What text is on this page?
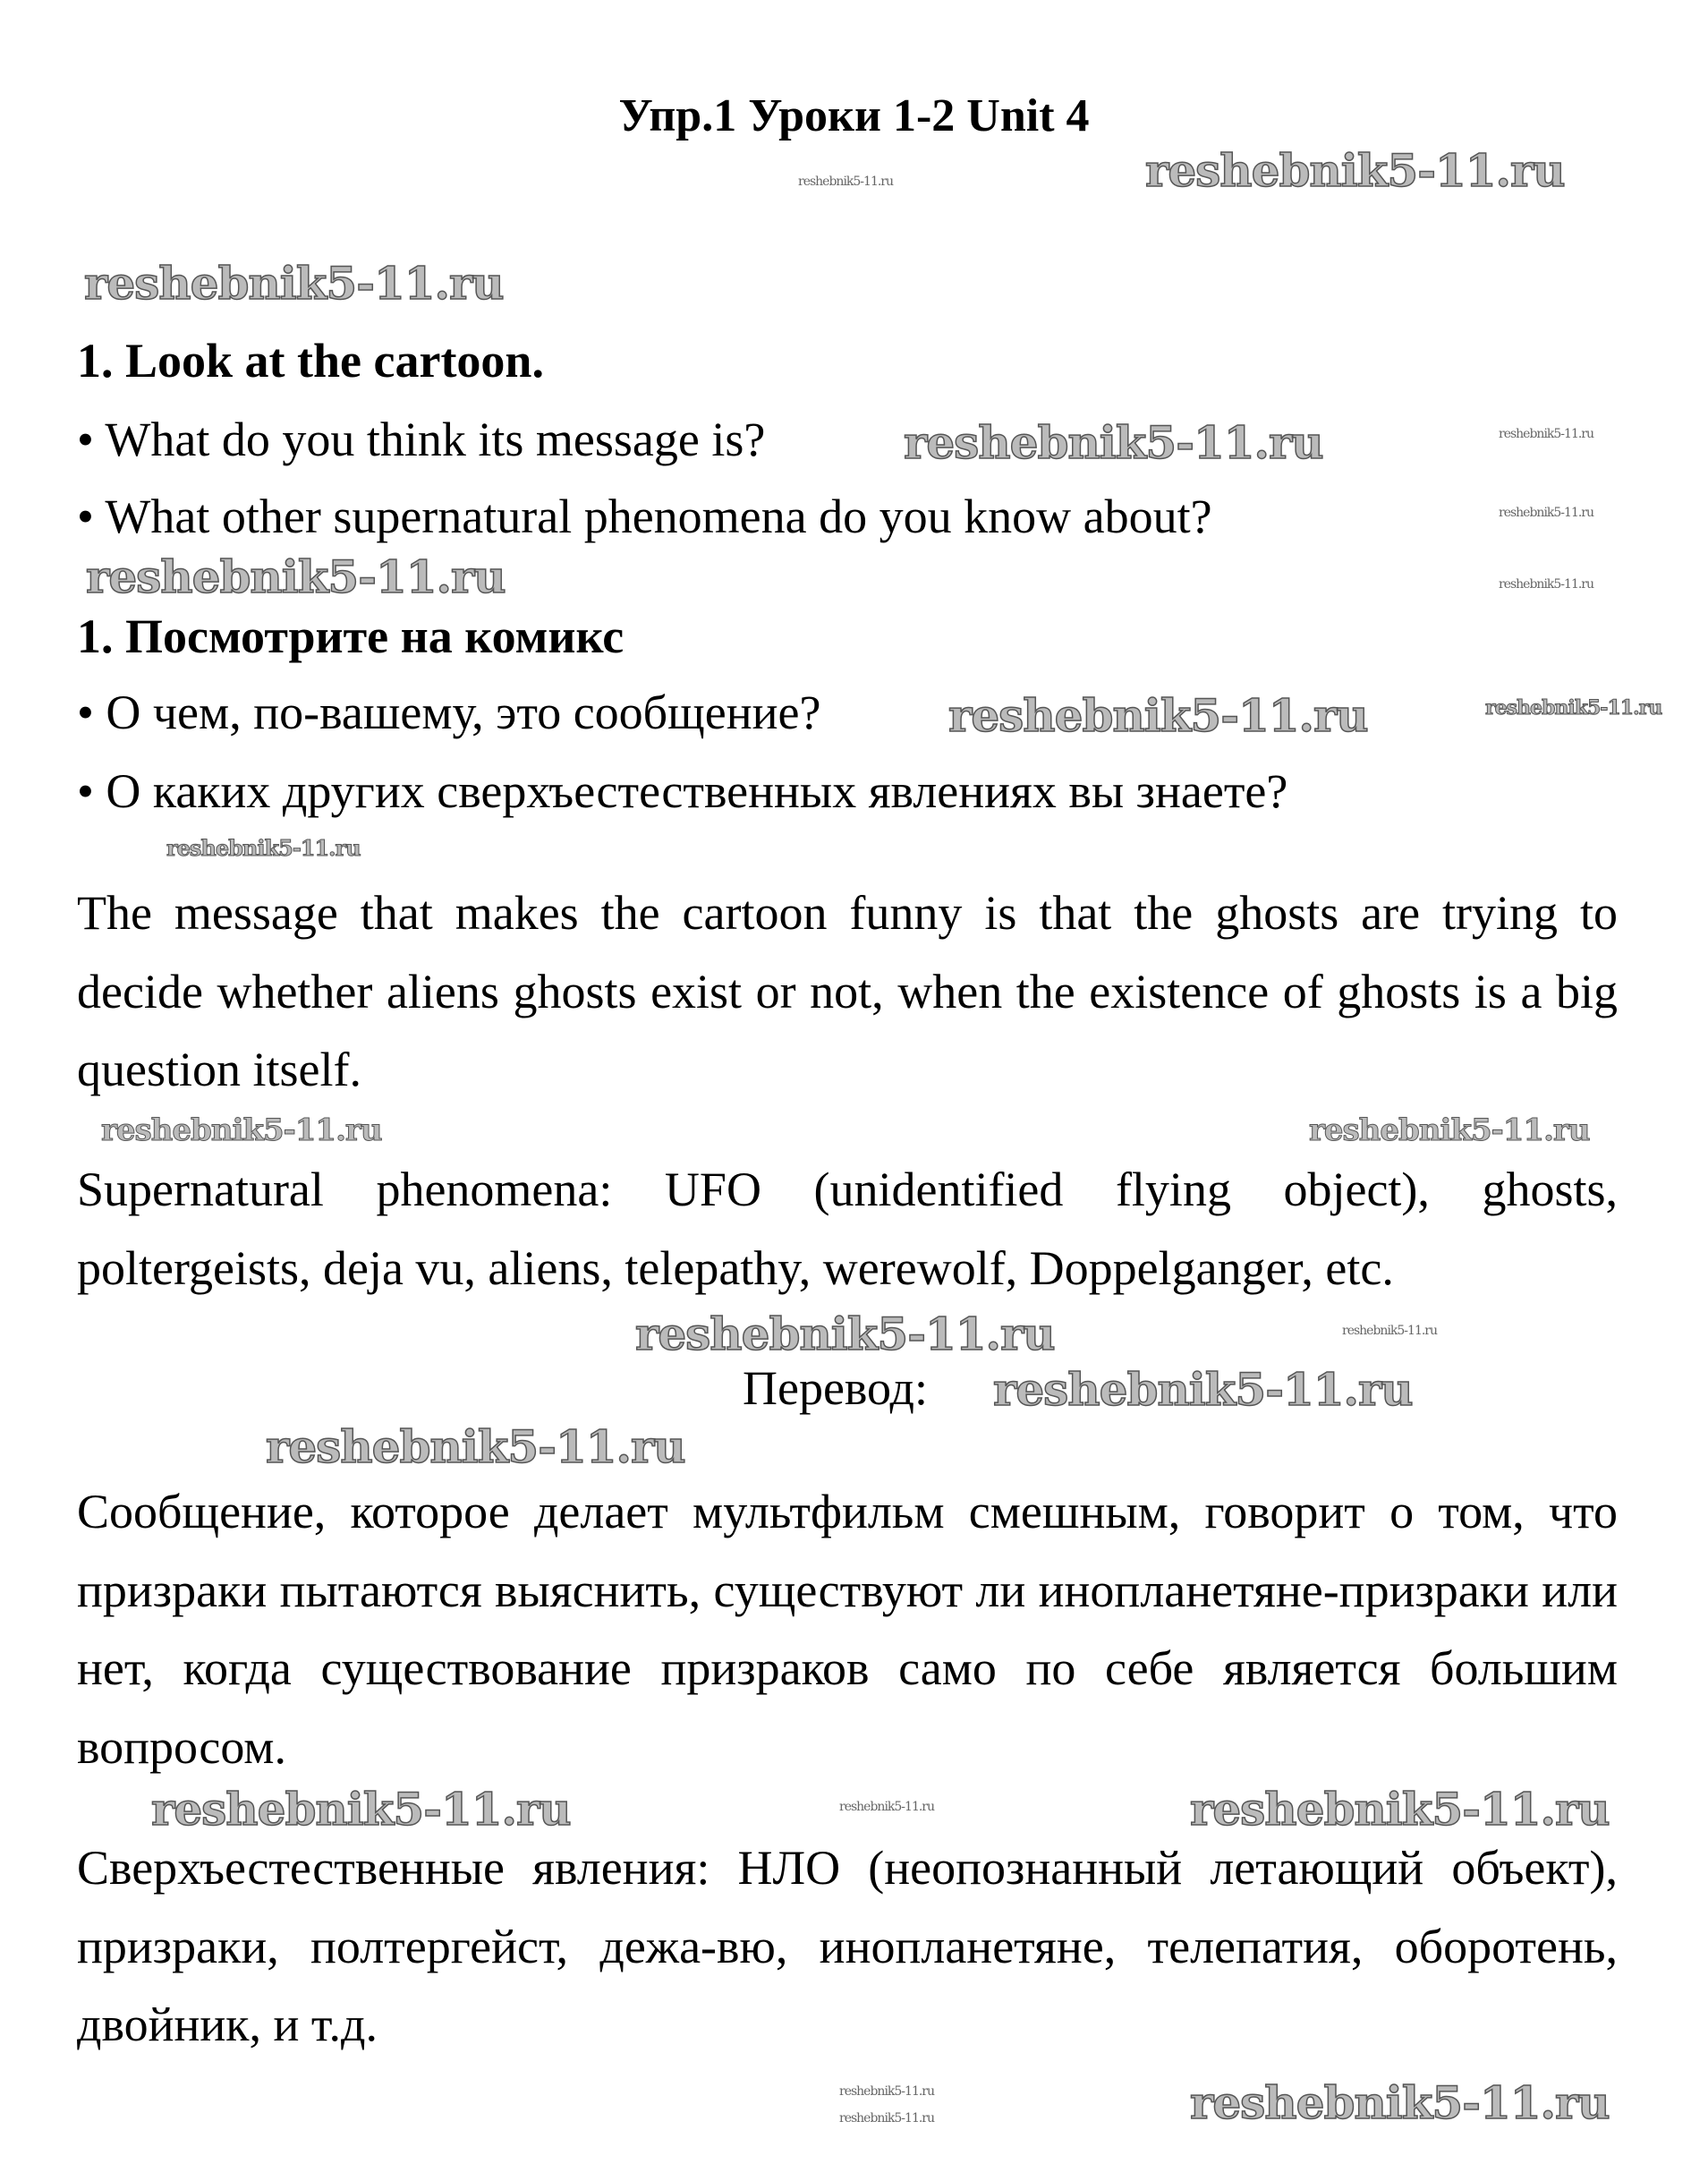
Упр.1 Уроки 1-2 Unit 4
1. Look at the cartoon.
• What do you think its message is?
• What other supernatural phenomena do you know about?
1. Посмотрите на комикс
• О чем, по-вашему, это сообщение?
• О каких других сверхъестественных явлениях вы знаете?
The message that makes the cartoon funny is that the ghosts are trying to decide whether aliens ghosts exist or not, when the existence of ghosts is a big question itself.
Supernatural phenomena: UFO (unidentified flying object), ghosts, poltergeists, deja vu, aliens, telepathy, werewolf, Doppelganger, etc.
Перевод:
Сообщение, которое делает мультфильм смешным, говорит о том, что призраки пытаются выяснить, существуют ли инопланетяне-призраки или нет, когда существование призраков само по себе является большим вопросом.
Сверхъестественные явления: НЛО (неопознанный летающий объект), призраки, полтергейст, дежа-вю, инопланетяне, телепатия, оборотень, двойник, и т.д.
reshebnik5-11.ru
reshebnik5-11.ru
reshebnik5-11.ru
reshebnik5-11.ru	reshebnik5-11.ru
reshebnik5-11.ru
reshebnik5-11.ru	reshebnik5-11.ru
reshebnik5-11.ru
reshebnik5-11.ru
reshebnik5-11.ru
reshebnik5-11.ru
reshebnik5-11.ru
reshebnik5-11.ru
reshebnik5-11.ru
reshebnik5-11.ru
reshebnik5-11.ru
reshebnik5-11.ru
reshebnik5-11.ru
reshebnik5-11.ru
reshebnik5-11.ru
reshebnik5-11.ru	reshebnik5-11.ru
